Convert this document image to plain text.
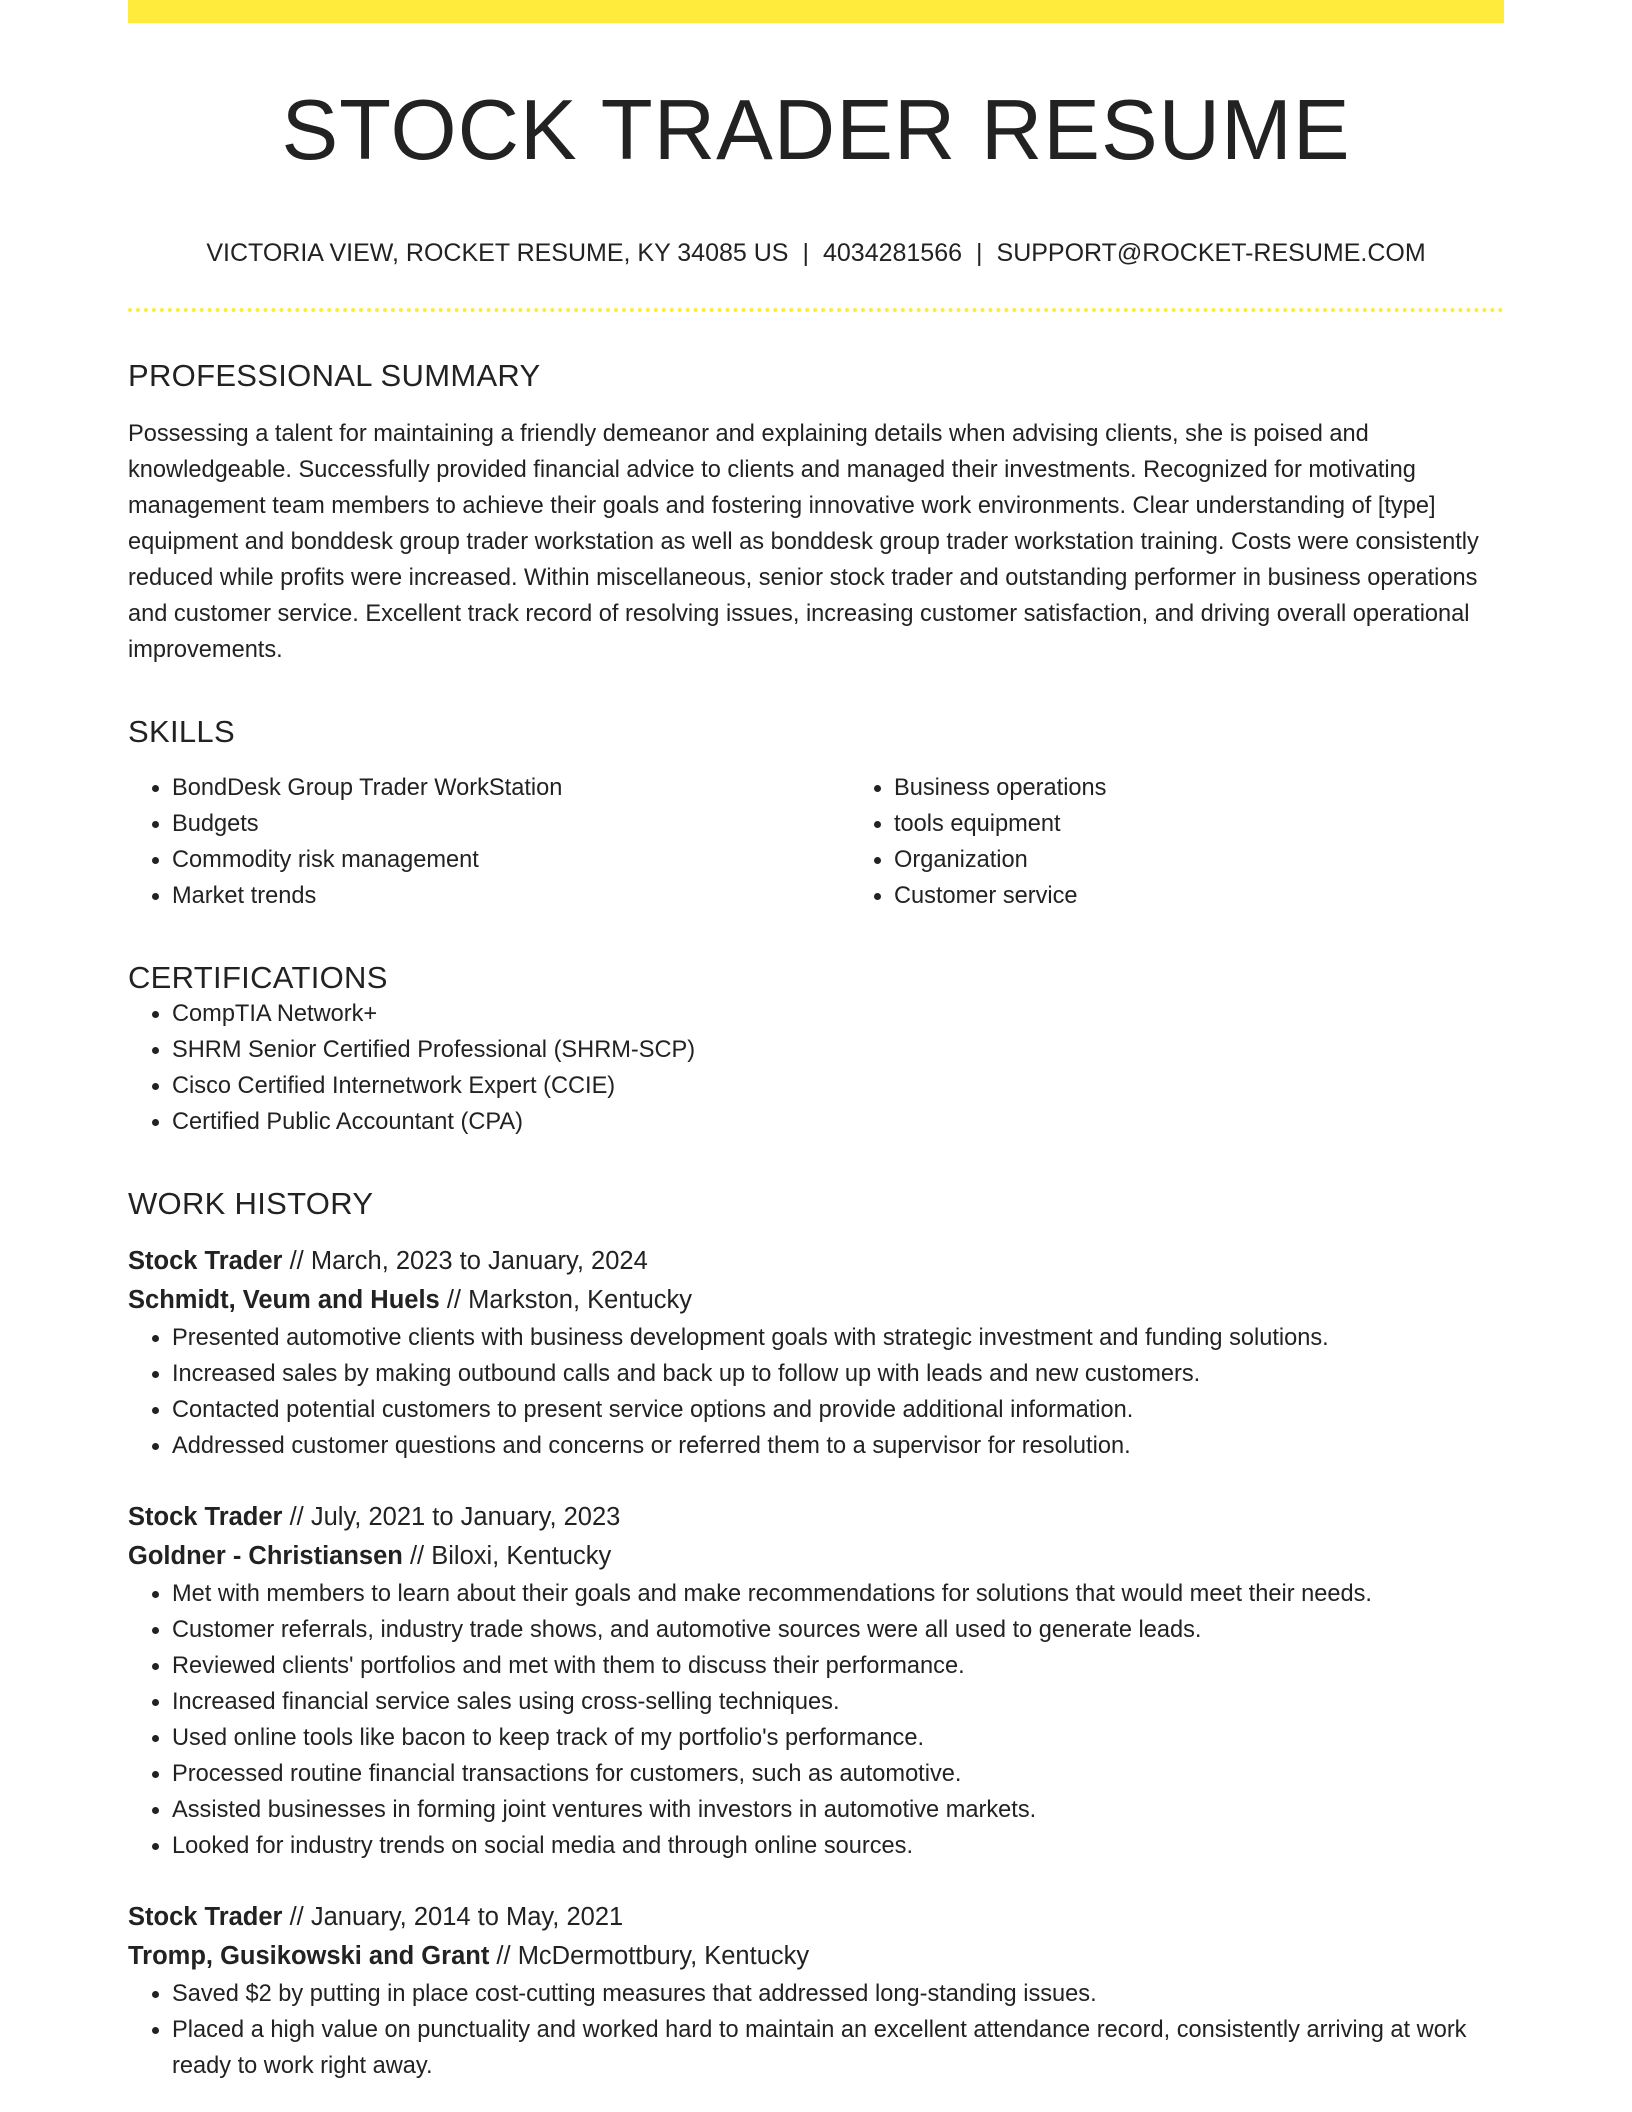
STOCK TRADER RESUME
VICTORIA VIEW, ROCKET RESUME, KY 34085 US | 4034281566 | SUPPORT@ROCKET-RESUME.COM
PROFESSIONAL SUMMARY
Possessing a talent for maintaining a friendly demeanor and explaining details when advising clients, she is poised and knowledgeable. Successfully provided financial advice to clients and managed their investments. Recognized for motivating management team members to achieve their goals and fostering innovative work environments. Clear understanding of [type] equipment and bonddesk group trader workstation as well as bonddesk group trader workstation training. Costs were consistently reduced while profits were increased. Within miscellaneous, senior stock trader and outstanding performer in business operations and customer service. Excellent track record of resolving issues, increasing customer satisfaction, and driving overall operational improvements.
SKILLS
• BondDesk Group Trader WorkStation
• Budgets
• Commodity risk management
• Market trends
• Business operations
• tools equipment
• Organization
• Customer service
CERTIFICATIONS
• CompTIA Network+
• SHRM Senior Certified Professional (SHRM-SCP)
• Cisco Certified Internetwork Expert (CCIE)
• Certified Public Accountant (CPA)
WORK HISTORY
Stock Trader // March, 2023 to January, 2024
Schmidt, Veum and Huels // Markston, Kentucky
• Presented automotive clients with business development goals with strategic investment and funding solutions.
• Increased sales by making outbound calls and back up to follow up with leads and new customers.
• Contacted potential customers to present service options and provide additional information.
• Addressed customer questions and concerns or referred them to a supervisor for resolution.
Stock Trader // July, 2021 to January, 2023
Goldner - Christiansen // Biloxi, Kentucky
• Met with members to learn about their goals and make recommendations for solutions that would meet their needs.
• Customer referrals, industry trade shows, and automotive sources were all used to generate leads.
• Reviewed clients' portfolios and met with them to discuss their performance.
• Increased financial service sales using cross-selling techniques.
• Used online tools like bacon to keep track of my portfolio's performance.
• Processed routine financial transactions for customers, such as automotive.
• Assisted businesses in forming joint ventures with investors in automotive markets.
• Looked for industry trends on social media and through online sources.
Stock Trader // January, 2014 to May, 2021
Tromp, Gusikowski and Grant // McDermottbury, Kentucky
• Saved $2 by putting in place cost-cutting measures that addressed long-standing issues.
• Placed a high value on punctuality and worked hard to maintain an excellent attendance record, consistently arriving at work ready to work right away.
